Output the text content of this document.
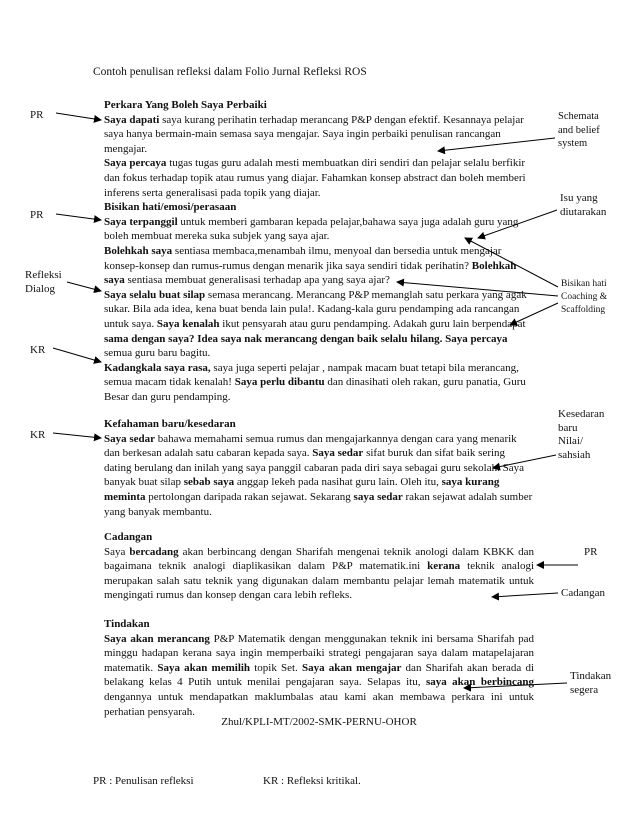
Contoh penulisan refleksi dalam Folio Jurnal Refleksi ROS
PR
PR
Refleksi
Dialog
KR
KR
Schemata
and belief
system
Isu yang
diutarakan
Bisikan hati
Coaching &
Scaffolding
Kesedaran
baru
Nilai/
sahsiah
PR
Cadangan
Tindakan
segera

Perkara Yang Boleh Saya Perbaiki

Saya dapati saya kurang perihatin terhadap merancang P&P dengan efektif. Kesannaya pelajar saya hanya bermain-main semasa saya mengajar. Saya ingin perbaiki penulisan rancangan mengajar.

Saya percaya tugas tugas guru adalah mesti membuatkan diri sendiri dan pelajar selalu berfikir dan fokus terhadap topik atau rumus yang diajar. Fahamkan konsep abstract dan boleh memberi inferens serta generalisasi pada topik yang diajar.

Bisikan hati/emosi/perasaan

Saya terpanggil untuk memberi gambaran kepada pelajar,bahawa saya juga adalah guru yang boleh membuat mereka suka subjek yang saya ajar.
Bolehkah saya sentiasa membaca,menambah ilmu, menyoal dan bersedia untuk mengajar konsep-konsep dan rumus-rumus dengan menarik jika saya sendiri tidak perihatin? Bolehkah saya sentiasa membuat generalisasi terhadap apa yang saya ajar?
Saya selalu buat silap semasa merancang. Merancang P&P memanglah satu perkara yang agak sukar. Bila ada idea, kena buat benda lain pula!. Kadang-kala guru pendamping ada rancangan untuk saya. Saya kenalah ikut pensyarah atau guru pendamping. Adakah guru lain berpendapat sama dengan saya? Idea saya nak merancang dengan baik selalu hilang. Saya percaya semua guru baru bagitu.
Kadangkala saya rasa, saya juga seperti pelajar , nampak macam buat tetapi bila merancang, semua macam tidak kenalah! Saya perlu dibantu dan dinasihati oleh rakan, guru panatia, Guru Besar dan guru pendamping.

Kefahaman baru/kesedaran

Saya sedar bahawa memahami semua rumus dan mengajarkannya dengan cara yang menarik dan berkesan adalah satu cabaran kepada saya. Saya sedar sifat buruk dan sifat baik sering dating berulang dan inilah yang saya panggil cabaran pada diri saya sebagai guru sekolah. Saya banyak buat silap sebab saya anggap lekeh pada nasihat guru lain. Oleh itu, saya kurang meminta pertolongan daripada rakan sejawat. Sekarang saya sedar rakan sejawat adalah sumber yang banyak membantu.

Cadangan

Saya bercadang akan berbincang dengan Sharifah mengenai teknik anologi dalam KBKK dan bagaimana teknik analogi diaplikasikan dalam P&P matematik.ini kerana teknik analogi merupakan salah satu teknik yang digunakan dalam membantu pelajar lemah matematik untuk mengingati rumus dan konsep dengan cara lebih refleks.

Tindakan

Saya akan merancang P&P Matematik dengan menggunakan teknik ini bersama Sharifah pad minggu hadapan kerana saya ingin memperbaiki strategi pengajaran saya dalam matapelajaran matematik. Saya akan memilih topik Set. Saya akan mengajar dan Sharifah akan berada di belakang kelas 4 Putih untuk menilai pengajaran saya. Selapas itu, saya akan berbincang dengannya untuk mendapatkan maklumbalas atau kami akan membawa perkara ini untuk perhatian pensyarah.

Zhul/KPLI-MT/2002-SMK-PERNU-OHOR
PR : Penulisan refleksi	KR : Refleksi kritikal.
